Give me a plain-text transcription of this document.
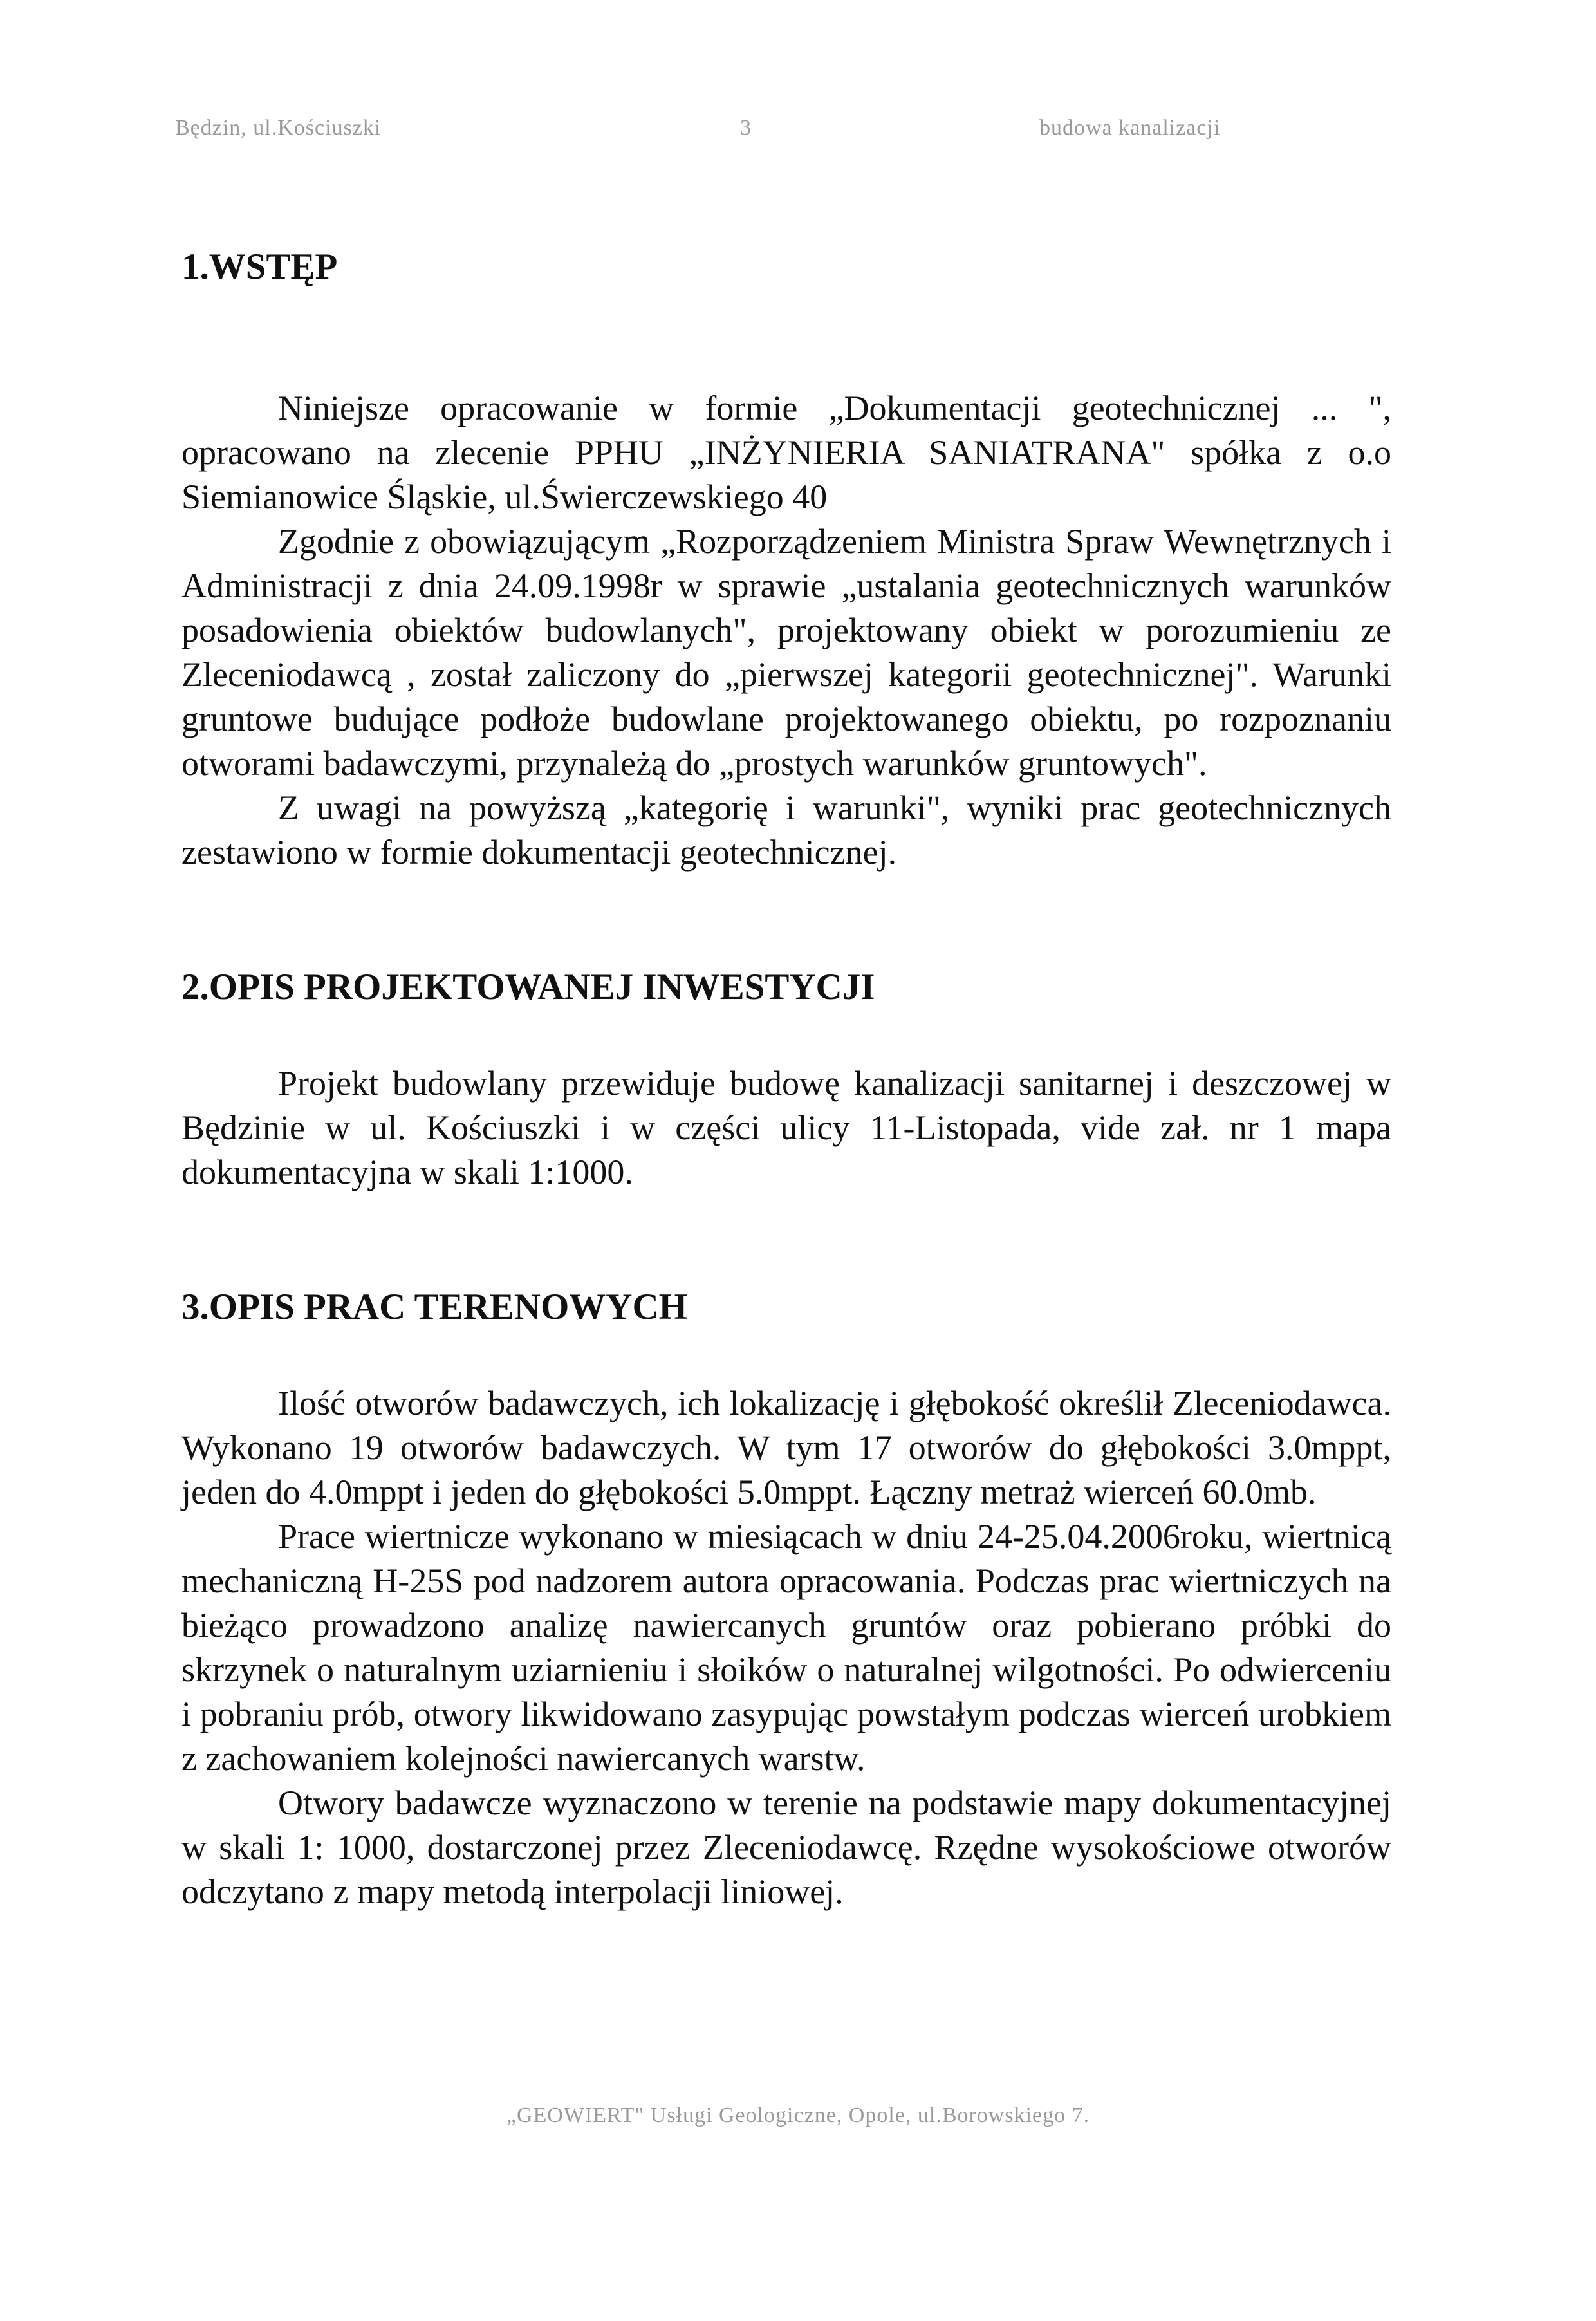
Będzin, ul.Kościuszki	3	budowa kanalizacji
1.WSTĘP

Niniejsze opracowanie w formie „Dokumentacji geotechnicznej ... ", opracowano na zlecenie PPHU „INŻYNIERIA SANIATRANA" spółka z o.o Siemianowice Śląskie, ul.Świerczewskiego 40

Zgodnie z obowiązującym „Rozporządzeniem Ministra Spraw Wewnętrznych i Administracji z dnia 24.09.1998r w sprawie „ustalania geotechnicznych warunków posadowienia obiektów budowlanych", projektowany obiekt w porozumieniu ze Zleceniodawcą , został zaliczony do „pierwszej kategorii geotechnicznej". Warunki gruntowe budujące podłoże budowlane projektowanego obiektu, po rozpoznaniu otworami badawczymi, przynależą do „prostych warunków gruntowych".

Z uwagi na powyższą „kategorię i warunki", wyniki prac geotechnicznych zestawiono w formie dokumentacji geotechnicznej.

2.OPIS PROJEKTOWANEJ INWESTYCJI

Projekt budowlany przewiduje budowę kanalizacji sanitarnej i deszczowej w Będzinie w ul. Kościuszki i w części ulicy 11-Listopada, vide zał. nr 1 mapa dokumentacyjna w skali 1:1000.

3.OPIS PRAC TERENOWYCH

Ilość otworów badawczych, ich lokalizację i głębokość określił Zleceniodawca. Wykonano 19 otworów badawczych. W tym 17 otworów do głębokości 3.0mppt, jeden do 4.0mppt i jeden do głębokości 5.0mppt. Łączny metraż wierceń 60.0mb.

Prace wiertnicze wykonano w miesiącach w dniu 24-25.04.2006roku, wiertnicą mechaniczną H-25S pod nadzorem autora opracowania. Podczas prac wiertniczych na bieżąco prowadzono analizę nawiercanych gruntów oraz pobierano próbki do skrzynek o naturalnym uziarnieniu i słoików o naturalnej wilgotności. Po odwierceniu i pobraniu prób, otwory likwidowano zasypując powstałym podczas wierceń urobkiem z zachowaniem kolejności nawiercanych warstw.

Otwory badawcze wyznaczono w terenie na podstawie mapy dokumentacyjnej w skali 1: 1000, dostarczonej przez Zleceniodawcę. Rzędne wysokościowe otworów odczytano z mapy metodą interpolacji liniowej.

„GEOWIERT" Usługi Geologiczne, Opole, ul.Borowskiego 7.
